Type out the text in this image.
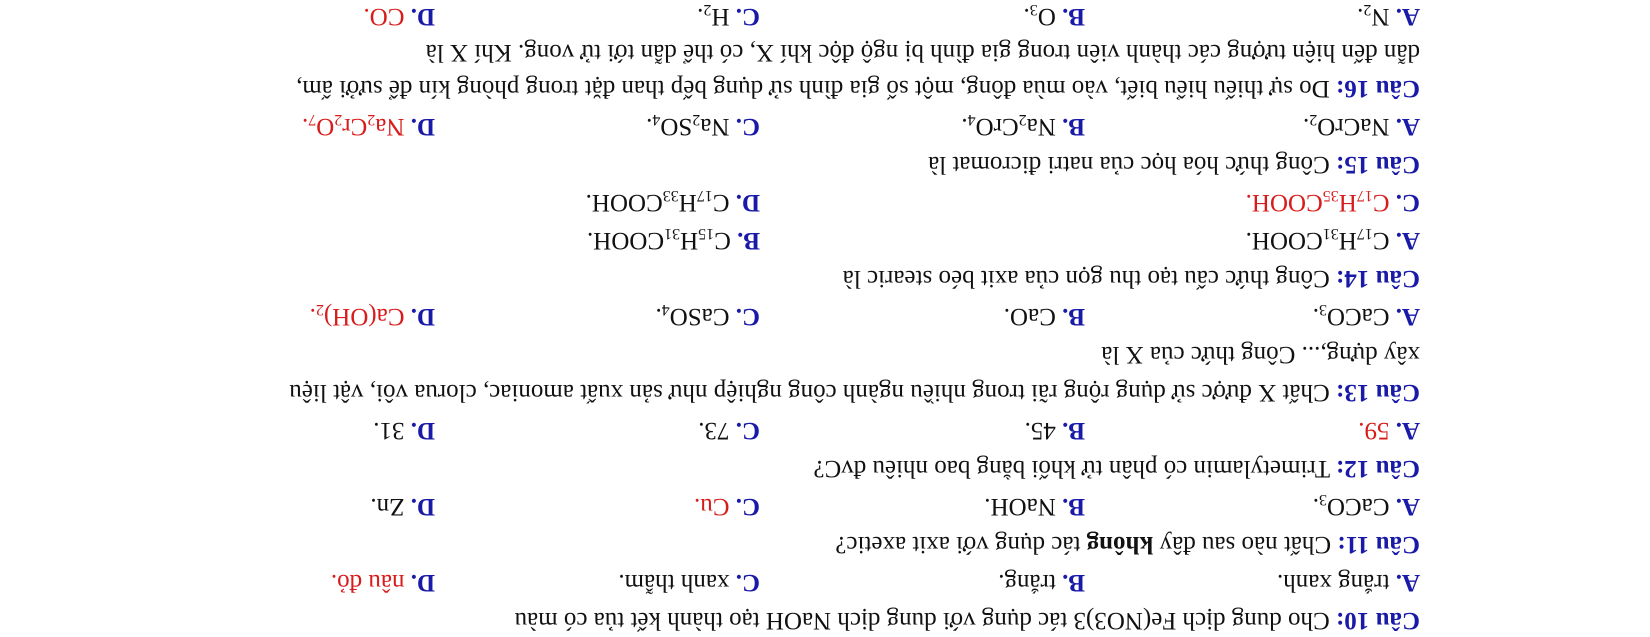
Câu 10: Cho dung dịch Fe(NO3)3 tác dụng với dung dịch NaOH tạo thành kết tủa có màu
A. trắng xanh.
B. trắng.
C. xanh thẫm.
D. nâu đỏ.
Câu 11: Chất nào sau đây không tác dụng với axit axetic?
A. CaCO$_3$.
B. NaOH.
C. Cu.
D. Zn.
Câu 12: Trimetylamin có phân tử khối bằng bao nhiêu đvC?
A. 59.
B. 45.
C. 73.
D. 31.
Câu 13: Chất X được sử dụng rộng rãi trong nhiều ngành công nghiệp như sản xuất amoniac, clorua vôi, vật liệu
xây dựng,... Công thức của X là
A. CaCO$_3$.
B. CaO.
C. CaSO$_4$.
D. $Ca(OH)_2$.
Câu 14: Công thức cấu tạo thu gọn của axit béo stearic là
A. $C_{17}H_{31}COOH$.
B. $C_{15}H_{31}COOH$.
C. $C_{17}H_{35}COOH$.
D. $C_{17}H_{33}COOH$.
Câu 15: Công thức hóa học của natri đicromat là
A. NaCrO$_2$.
B. $Na_2CrO_4$.
C. $Na_2SO_4$.
D. $Na_2Cr_2O_7$.
Câu 16: Do sự thiếu hiểu biết, vào mùa đông, một số gia đình sử dụng bếp than đặt trong phòng kín để sưởi ấm,
dẫn đến hiện tượng các thành viên trong gia đình bị ngộ độc khí X, có thể dẫn tới tử vong. Khí X là
A. $N_2$.
B. $O_3$.
C. $H_2$.
D. CO.
